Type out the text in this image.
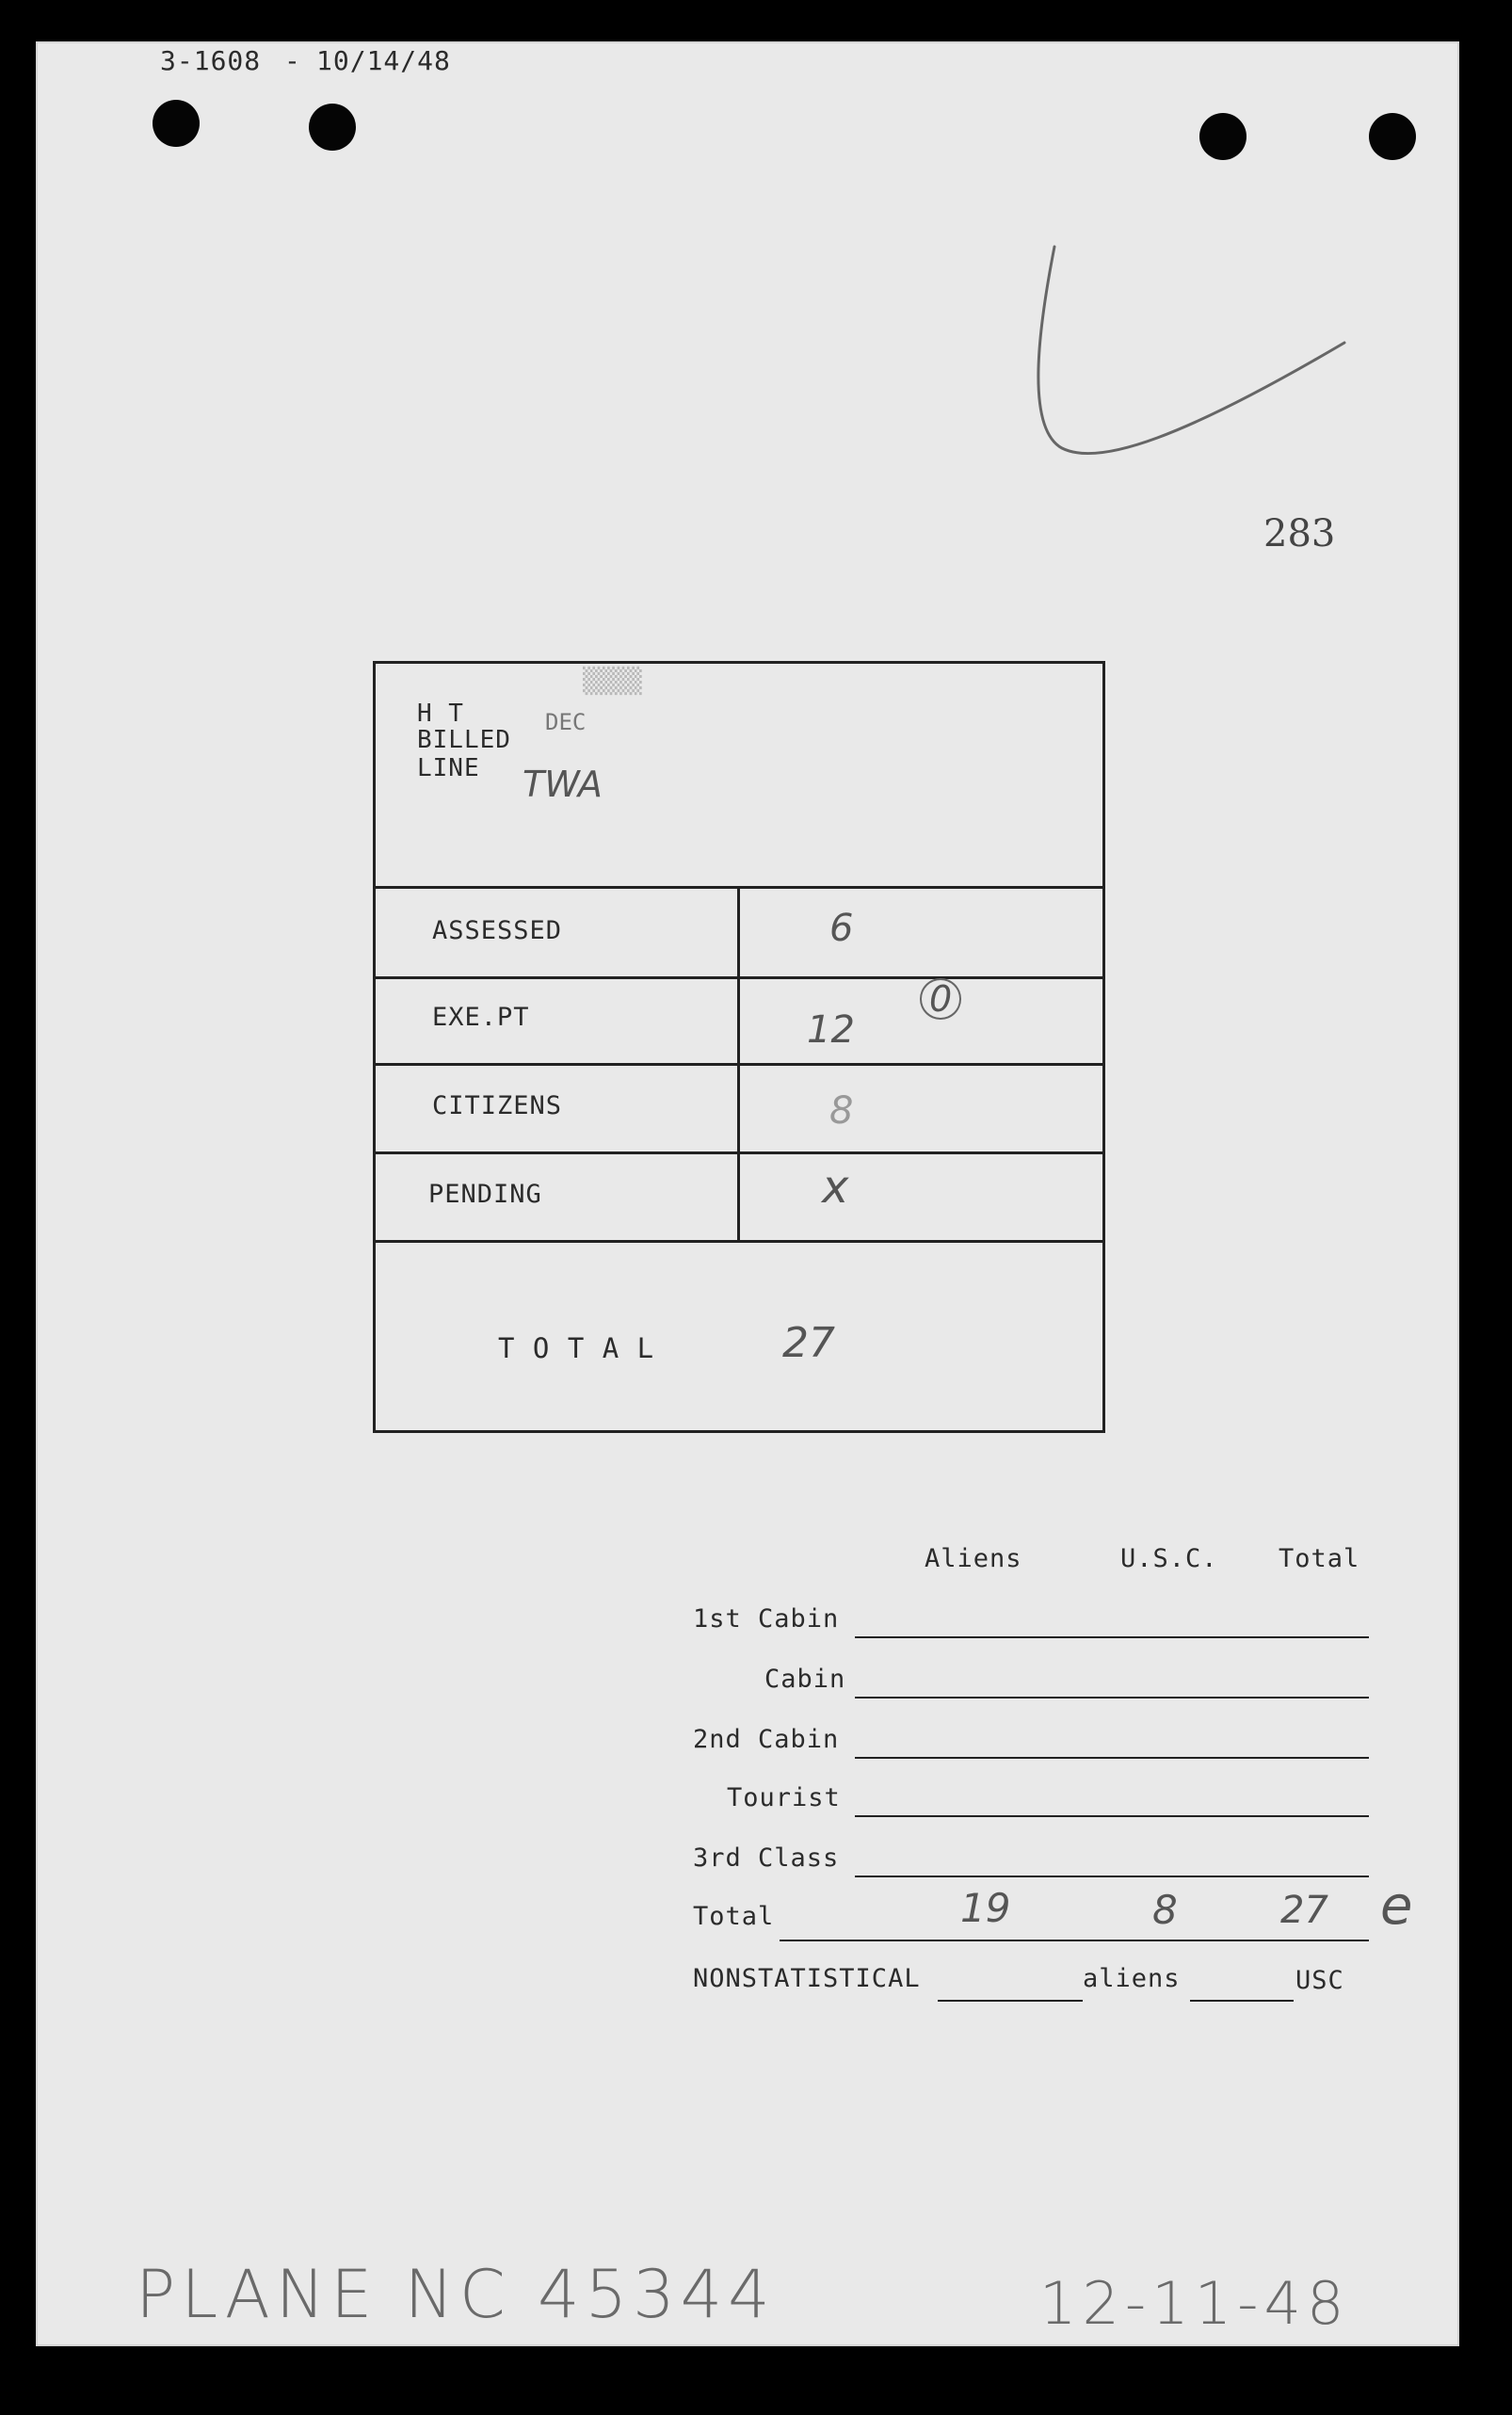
3-1608 - 10/14/48
283
▒▒▒▒
H T
BILLED
LINE
DEC
TWA
ASSESSED	6
EXE.PT	12
0
CITIZENS	8
PENDING	x
T O T A L	27
Aliens	U.S.C. Total
1st Cabin
Cabin
2nd Cabin
Tourist
3rd Class
Total	19	8	27 e
NONSTATISTICAL	aliens	USC
PLANE NC 45344	12-11-48
